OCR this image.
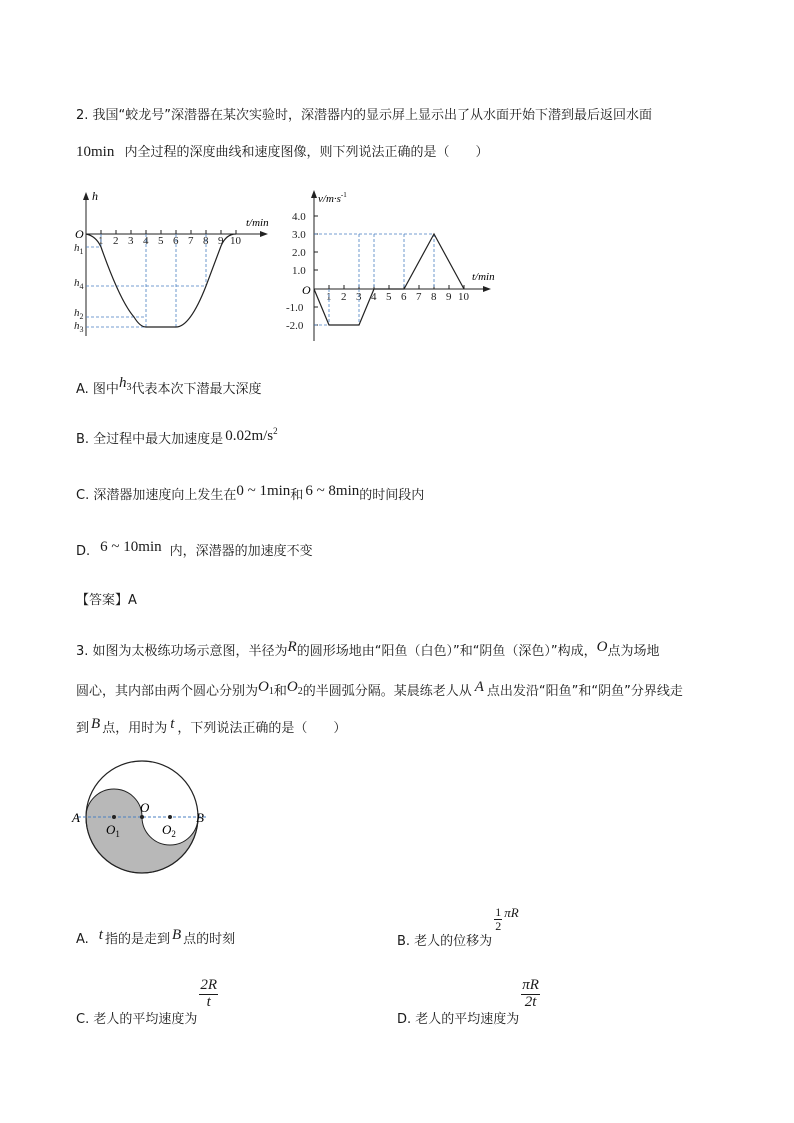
2. 我国“蛟龙号”深潜器在某次实验时，深潜器内的显示屏上显示出了从水面开始下潜到最后返回水面
10min 内全过程的深度曲线和速度图像，则下列说法正确的是（　　）
1 2 3 4 5 6 7 8 9 10
O
h
t/min
$h_1$
$h_4$
$h_2$
$h_3$
$v/m\cdot s^{-1}$
t/min
O
4.0
3.0
2.0
1.0
-1.0
-2.0
1 2 3 4 5 6 7 8 9 10
A. 图中$h_3$代表本次下潜最大深度
B. 全过程中最大加速度是 $0.02m/s^2$
C. 深潜器加速度向上发生在0 ~ 1min和 6 ~ 8min的时间段内
D. 6 ~ 10min 内，深潜器的加速度不变
【答案】A
3. 如图为太极练功场示意图，半径为R的圆形场地由“阳鱼（白色）”和“阴鱼（深色）”构成，O点为场地
圆心，其内部由两个圆心分别为$O_1$和$O_2$的半圆弧分隔。某晨练老人从 A 点出发沿“阳鱼”和“阴鱼”分界线走
到 B 点，用时为 t ，下列说法正确的是（　　）
A	B
O
$O_1$	$O_2$
A. t 指的是走到 B 点的时刻	B. 老人的位移为
$\frac{1}{2}$ πR
C. 老人的平均速度为
$\frac{2R}{t}$
D. 老人的平均速度为
$\frac{\pi R}{2t}$
